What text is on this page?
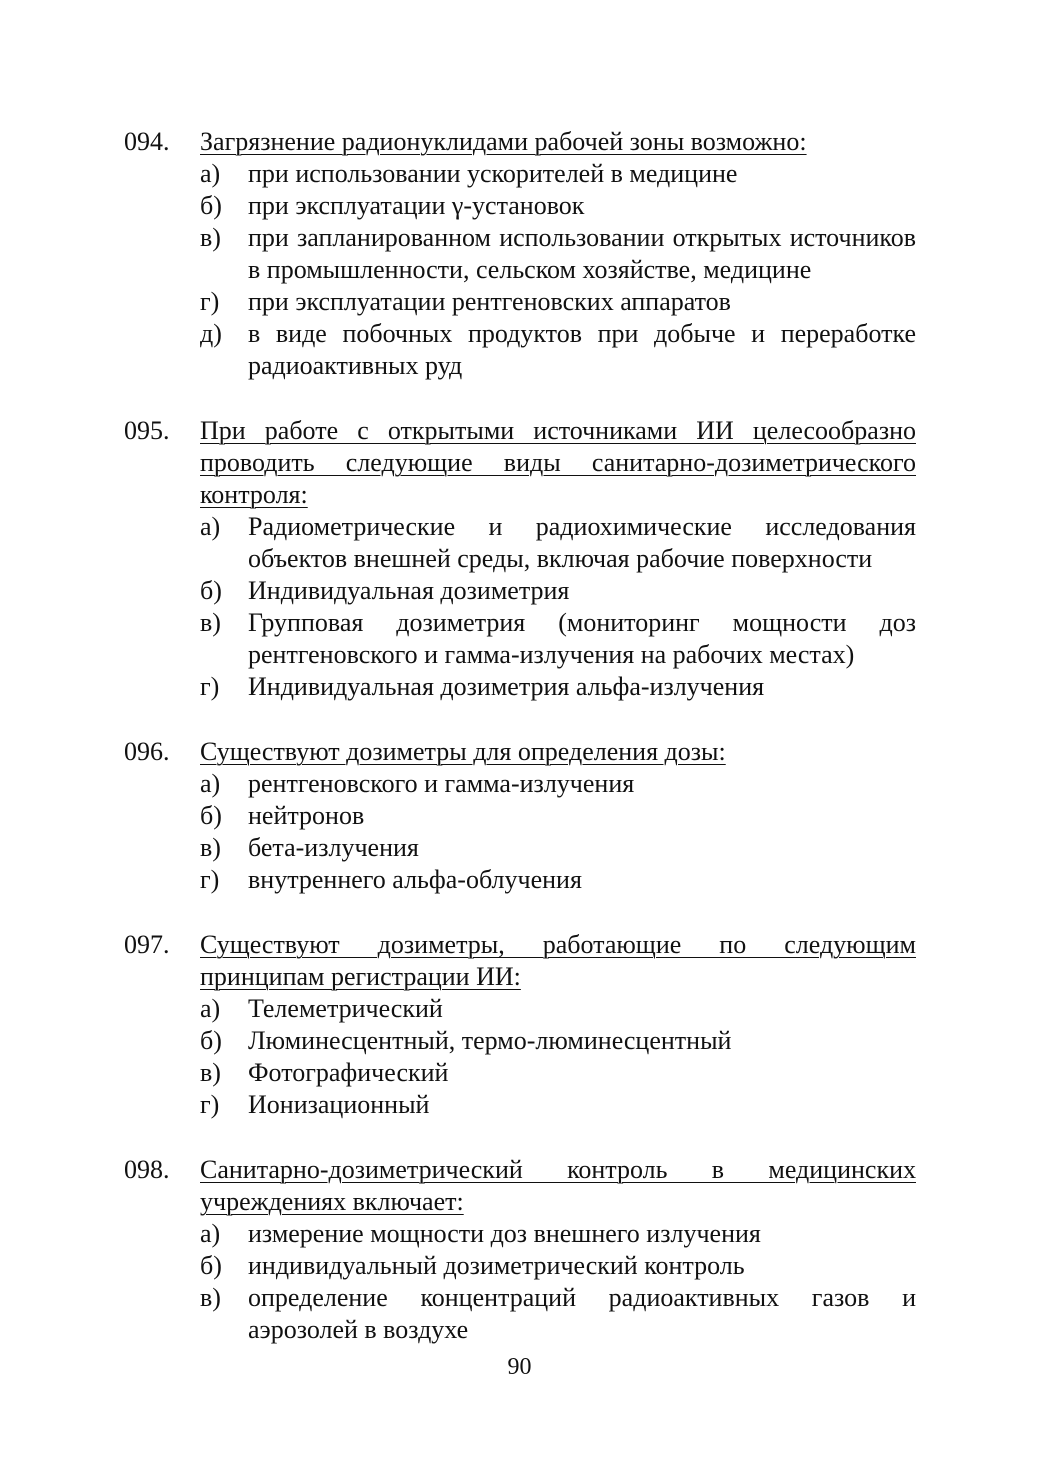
094.	Загрязнение радионуклидами рабочей зоны возможно:
а)	при использовании ускорителей в медицине
б)	при эксплуатации γ-установок
в)	при запланированном использовании открытых источников в промышленности, сельском хозяйстве, медицине
г)	при эксплуатации рентгеновских аппаратов
д)	в виде побочных продуктов при добыче и переработке радиоактивных руд
095.	При работе с открытыми источниками ИИ целесообразно проводить следующие виды санитарно-дозиметрического контроля:
а)	Радиометрические и радиохимические исследования объектов внешней среды, включая рабочие поверхности
б)	Индивидуальная дозиметрия
в)	Групповая дозиметрия (мониторинг мощности доз рентгеновского и гамма-излучения на рабочих местах)
г)	Индивидуальная дозиметрия альфа-излучения
096.	Существуют дозиметры для определения дозы:
а)	рентгеновского и гамма-излучения
б)	нейтронов
в)	бета-излучения
г)	внутреннего альфа-облучения
097.	Существуют дозиметры, работающие по следующим принципам регистрации ИИ:
а)	Телеметрический
б)	Люминесцентный, термо-люминесцентный
в)	Фотографический
г)	Ионизационный
098.	Санитарно-дозиметрический контроль в медицинских учреждениях включает:
а)	измерение мощности доз внешнего излучения
б)	индивидуальный дозиметрический контроль
в)	определение концентраций радиоактивных газов и аэрозолей в воздухе
90
